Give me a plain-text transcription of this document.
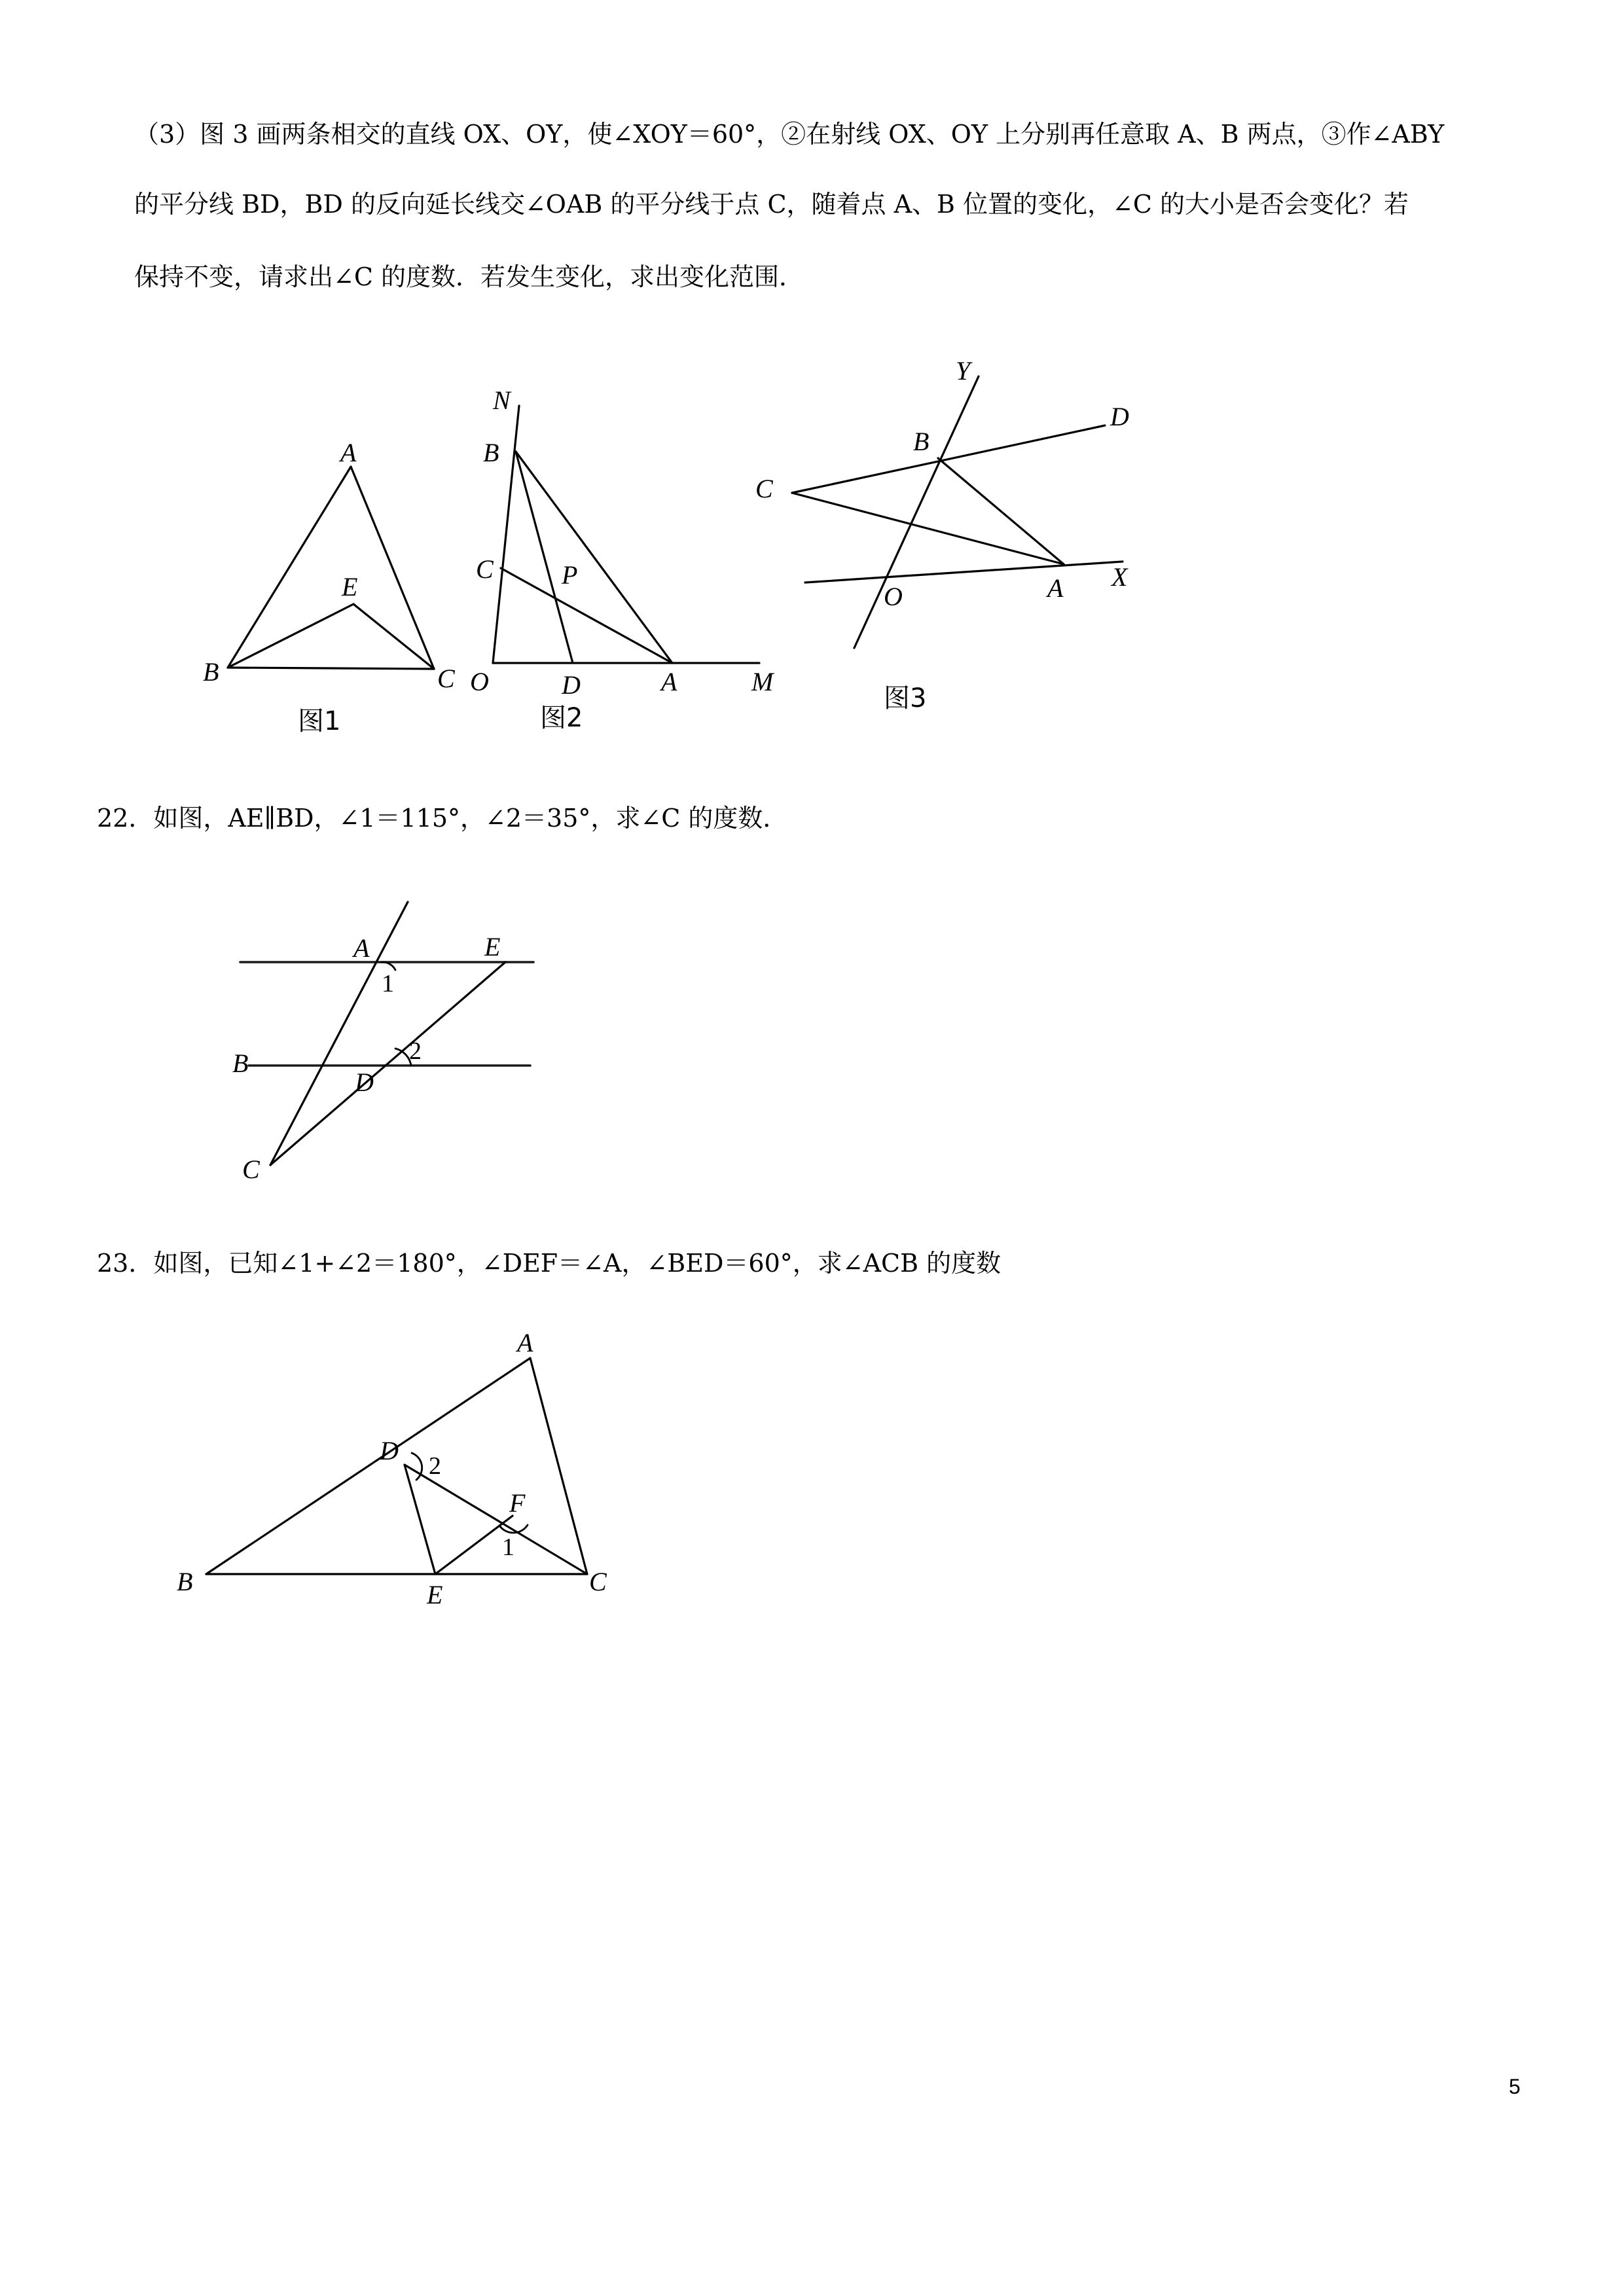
（3）图 3 画两条相交的直线 OX、OY，使∠XOY＝60°，②在射线 OX、OY 上分别再任意取 A、B 两点，③作∠ABY
的平分线 BD，BD 的反向延长线交∠OAB 的平分线于点 C，随着点 A、B 位置的变化，∠C 的大小是否会变化？若
保持不变，请求出∠C 的度数．若发生变化，求出变化范围．
A
E
B	C
图1
N
B
C	P
O	D	A	M
图2
Y
D
B
C
O	A X
图3
22．如图，AE∥BD，∠1＝115°，∠2＝35°，求∠C 的度数．
A	E
1
B	2
D
C
23．如图，已知∠1+∠2＝180°，∠DEF＝∠A，∠BED＝60°，求∠ACB 的度数
A
D
2
F
1
B	E	C
5
